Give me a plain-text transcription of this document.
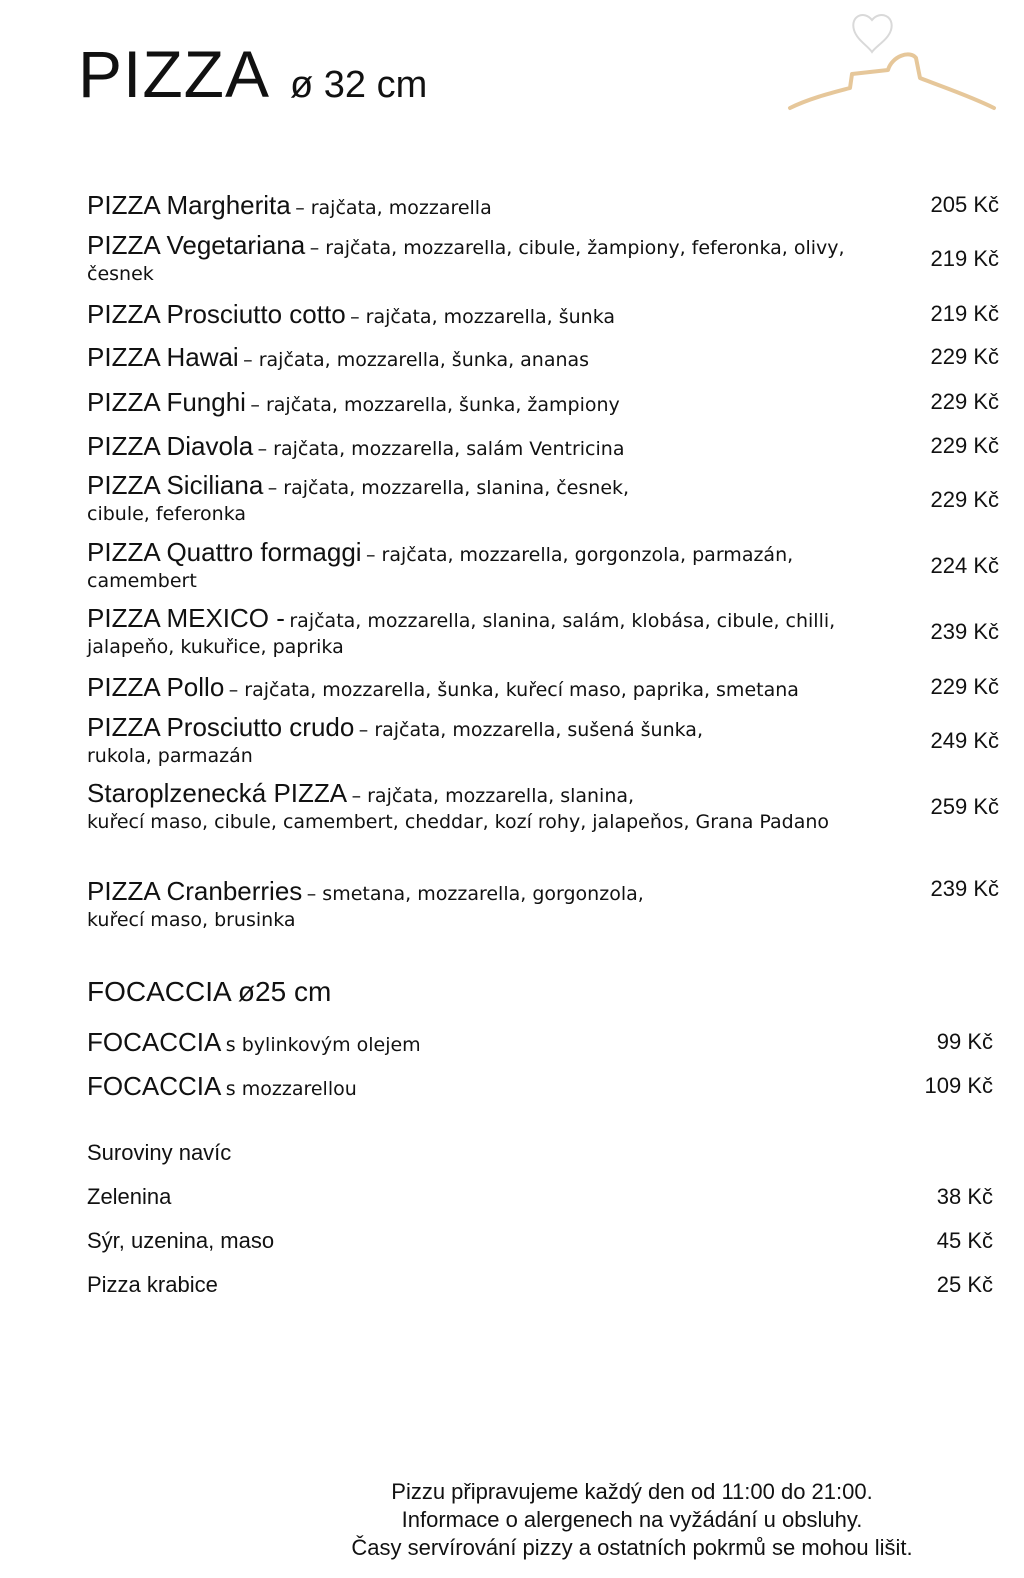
PIZZA ø 32 cm
PIZZA Margherita – rajčata, mozzarella	205 Kč
PIZZA Vegetariana – rajčata, mozzarella, cibule, žampiony, feferonka, olivy,
česnek
219 Kč
PIZZA Prosciutto cotto – rajčata, mozzarella, šunka	219 Kč
PIZZA Hawai – rajčata, mozzarella, šunka, ananas	229 Kč
PIZZA Funghi – rajčata, mozzarella, šunka, žampiony	229 Kč
PIZZA Diavola – rajčata, mozzarella, salám Ventricina	229 Kč
PIZZA Siciliana – rajčata, mozzarella, slanina, česnek,
cibule, feferonka
229 Kč
PIZZA Quattro formaggi – rajčata, mozzarella, gorgonzola, parmazán,
camembert
224 Kč
PIZZA MEXICO - rajčata, mozzarella, slanina, salám, klobása, cibule, chilli,
jalapeňo, kukuřice, paprika
239 Kč
PIZZA Pollo – rajčata, mozzarella, šunka, kuřecí maso, paprika, smetana	229 Kč
PIZZA Prosciutto crudo – rajčata, mozzarella, sušená šunka,
rukola, parmazán
249 Kč
Staroplzenecká PIZZA – rajčata, mozzarella, slanina,
kuřecí maso, cibule, camembert, cheddar, kozí rohy, jalapeňos, Grana Padano
259 Kč
PIZZA Cranberries – smetana, mozzarella, gorgonzola,
kuřecí maso, brusinka
239 Kč
FOCACCIA ø25 cm
FOCACCIA s bylinkovým olejem	99 Kč
FOCACCIA s mozzarellou	109 Kč
Suroviny navíc
Zelenina	38 Kč
Sýr, uzenina, maso	45 Kč
Pizza krabice	25 Kč
Pizzu připravujeme každý den od 11:00 do 21:00.
Informace o alergenech na vyžádání u obsluhy.
Časy servírování pizzy a ostatních pokrmů se mohou lišit.
